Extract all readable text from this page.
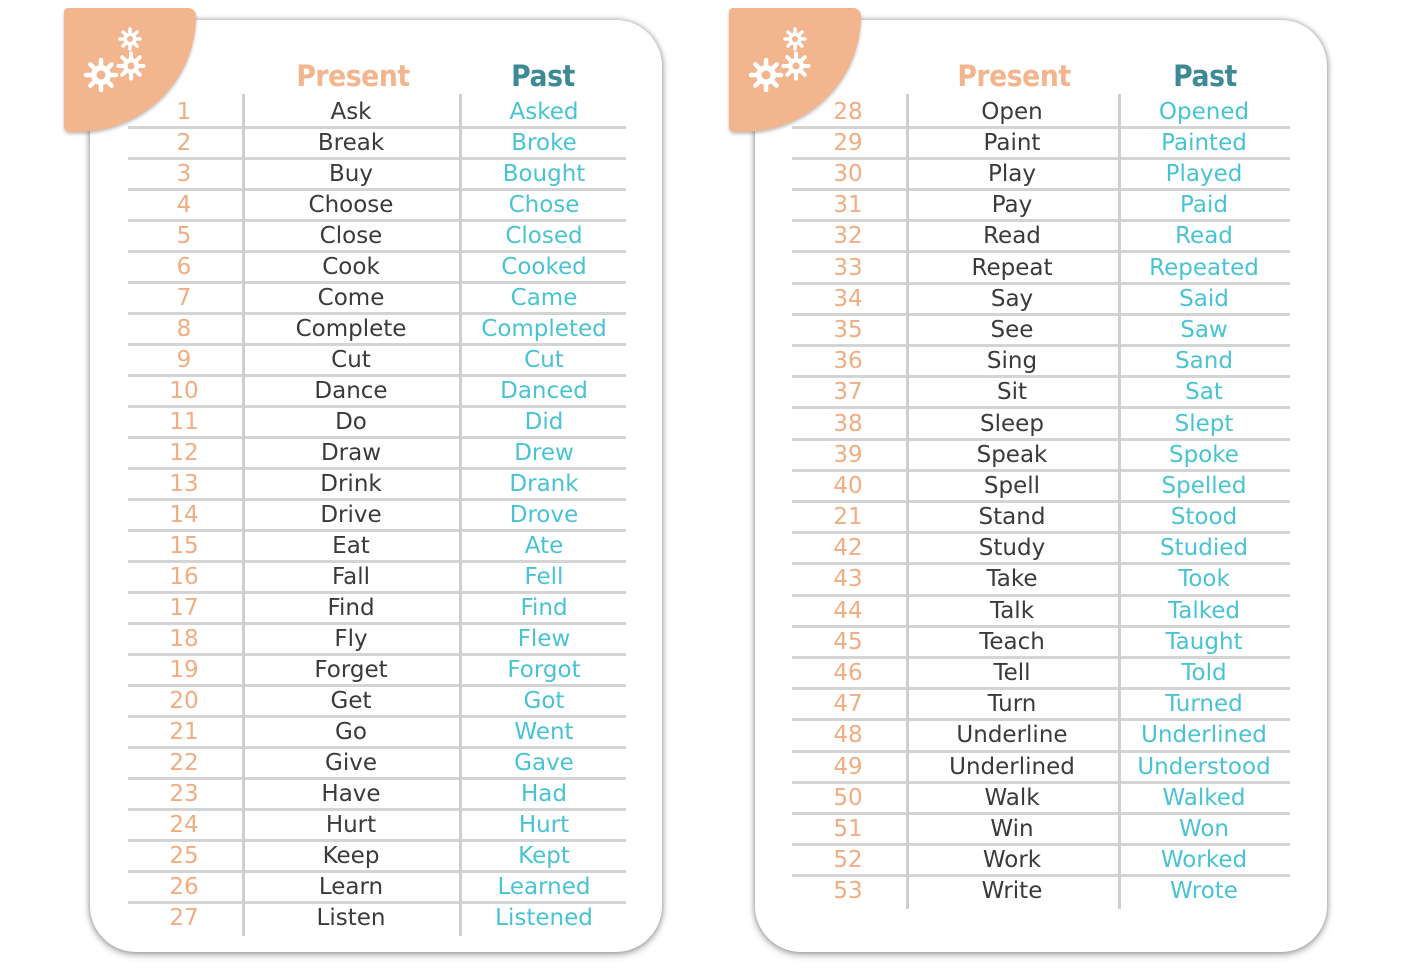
Present	Past	Present	Past
1	Ask	Asked
2	Break	Broke
3	Buy	Bought
4	Choose	Chose
5	Close	Closed
6	Cook	Cooked
7	Come	Came
8	Complete	Completed
9	Cut	Cut
10	Dance	Danced
11	Do	Did
12	Draw	Drew
13	Drink	Drank
14	Drive	Drove
15	Eat	Ate
16	Fall	Fell
17	Find	Find
18	Fly	Flew
19	Forget	Forgot
20	Get	Got
21	Go	Went
22	Give	Gave
23	Have	Had
24	Hurt	Hurt
25	Keep	Kept
26	Learn	Learned
27	Listen	Listened
28	Open	Opened
29	Paint	Painted
30	Play	Played
31	Pay	Paid
32	Read	Read
33	Repeat	Repeated
34	Say	Said
35	See	Saw
36	Sing	Sand
37	Sit	Sat
38	Sleep	Slept
39	Speak	Spoke
40	Spell	Spelled
21	Stand	Stood
42	Study	Studied
43	Take	Took
44	Talk	Talked
45	Teach	Taught
46	Tell	Told
47	Turn	Turned
48	Underline	Underlined
49	Underlined	Understood
50	Walk	Walked
51	Win	Won
52	Work	Worked
53	Write	Wrote
